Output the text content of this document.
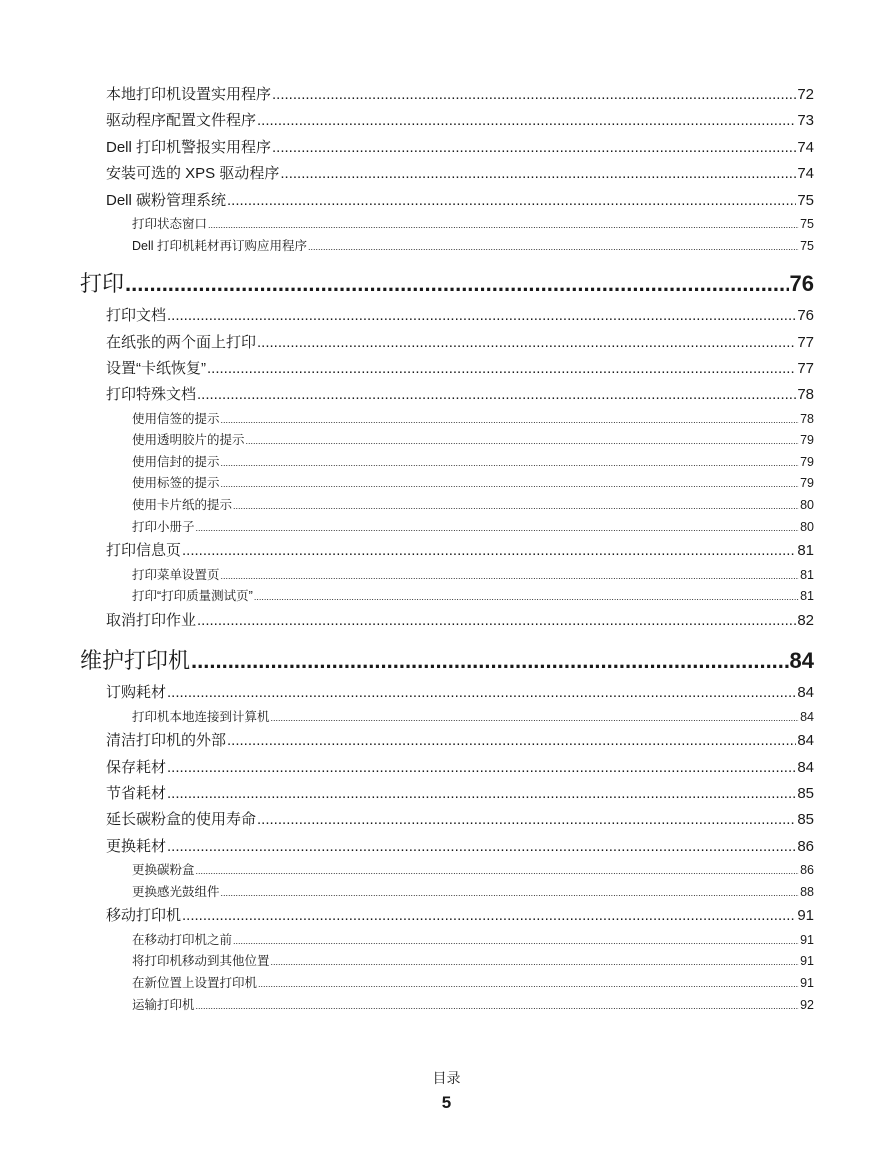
本地打印机设置实用程序 .....	72
驱动程序配置文件程序 .....	73
Dell 打印机警报实用程序 .....	74
安装可选的 XPS 驱动程序 .....	74
Dell 碳粉管理系统 .....	75
打印状态窗口 .....	75
Dell 打印机耗材再订购应用程序 .....	75
打印 .....	76
打印文档 .....	76
在纸张的两个面上打印 .....	77
设置“卡纸恢复” .....	77
打印特殊文档 .....	78
使用信签的提示 .....	78
使用透明胶片的提示 .....	79
使用信封的提示 .....	79
使用标签的提示 .....	79
使用卡片纸的提示 .....	80
打印小册子 .....	80
打印信息页 .....	81
打印菜单设置页 .....	81
打印“打印质量测试页” .....	81
取消打印作业 .....	82
维护打印机 .....	84
订购耗材 .....	84
打印机本地连接到计算机 .....	84
清洁打印机的外部 .....	84
保存耗材 .....	84
节省耗材 .....	85
延长碳粉盒的使用寿命 .....	85
更换耗材 .....	86
更换碳粉盒 .....	86
更换感光鼓组件 .....	88
移动打印机 .....	91
在移动打印机之前 .....	91
将打印机移动到其他位置 .....	91
在新位置上设置打印机 .....	91
运输打印机 .....	92
目录
5
